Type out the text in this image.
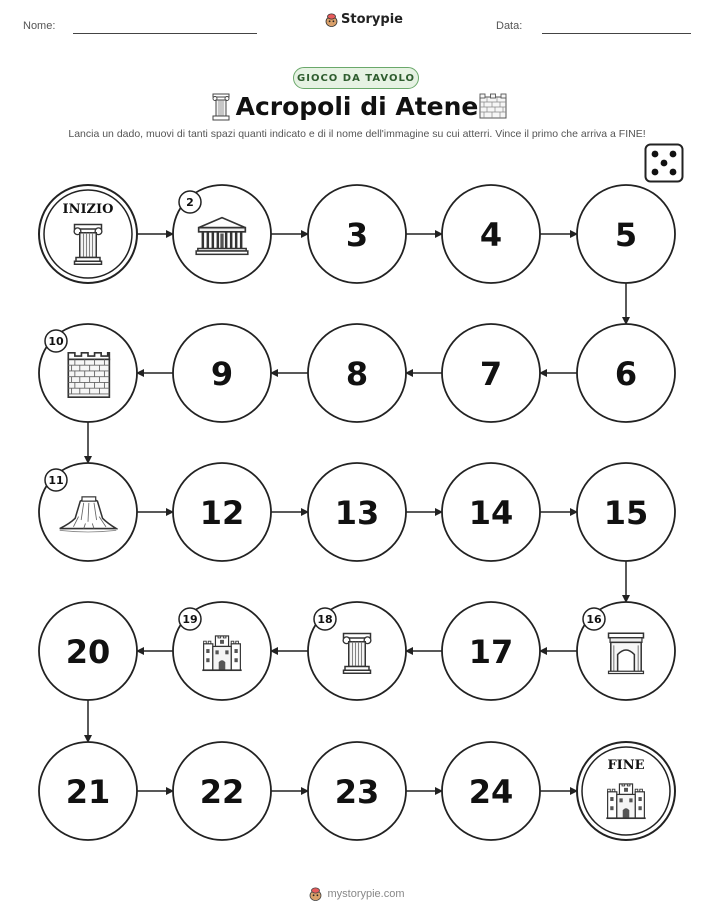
Nome:	Storypie	Data:
GIOCO DA TAVOLO
Acropoli di Atene
Lancia un dado, muovi di tanti spazi quanti indicato e di il nome dell'immagine su cui atterri. Vince il primo che arriva a FINE!
INIZIO	2
3	4	5
6
7
8
9
10
11
12	13	14	15
16
17
18
19
20
21	22	23	24
FINE
mystorypie.com
